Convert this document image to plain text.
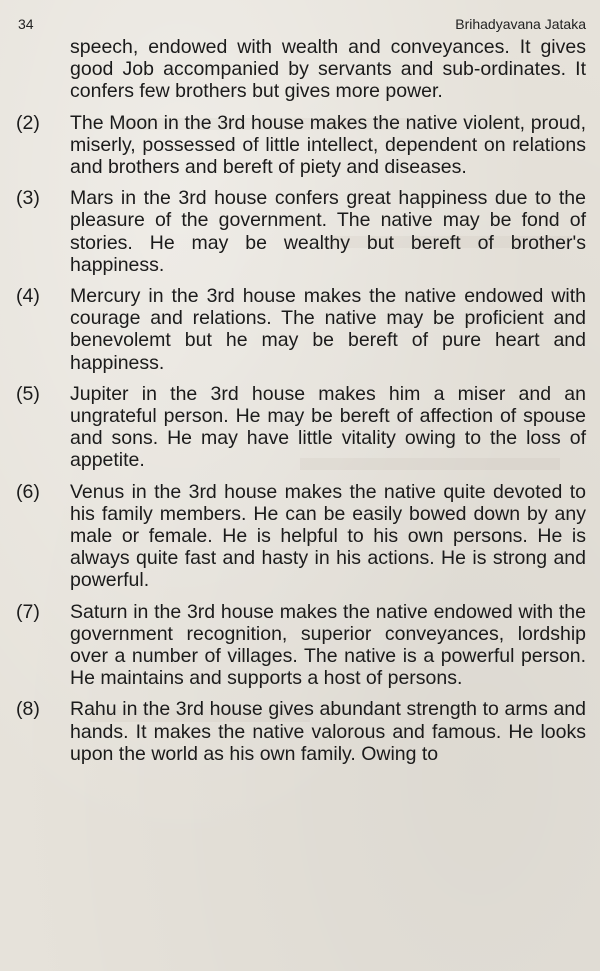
34	Brihadyavana Jataka

speech, endowed with wealth and conveyances. It gives good Job accompanied by servants and sub-ordinates. It confers few brothers but gives more power.

(2)	The Moon in the 3rd house makes the native violent, proud, miserly, possessed of little intellect, dependent on relations and brothers and bereft of piety and diseases.
(3)	Mars in the 3rd house confers great happiness due to the pleasure of the government. The native may be fond of stories. He may be wealthy but bereft of brother's happiness.
(4)	Mercury in the 3rd house makes the native endowed with courage and relations. The native may be proficient and benevolemt but he may be bereft of pure heart and happiness.
(5)	Jupiter in the 3rd house makes him a miser and an ungrateful person. He may be bereft of affection of spouse and sons. He may have little vitality owing to the loss of appetite.
(6)	Venus in the 3rd house makes the native quite devoted to his family members. He can be easily bowed down by any male or female. He is helpful to his own persons. He is always quite fast and hasty in his actions. He is strong and powerful.
(7)	Saturn in the 3rd house makes the native endowed with the government recognition, superior conveyances, lordship over a number of villages. The native is a powerful person. He maintains and supports a host of persons.
(8)	Rahu in the 3rd house gives abundant strength to arms and hands. It makes the native valorous and famous. He looks upon the world as his own family. Owing to
